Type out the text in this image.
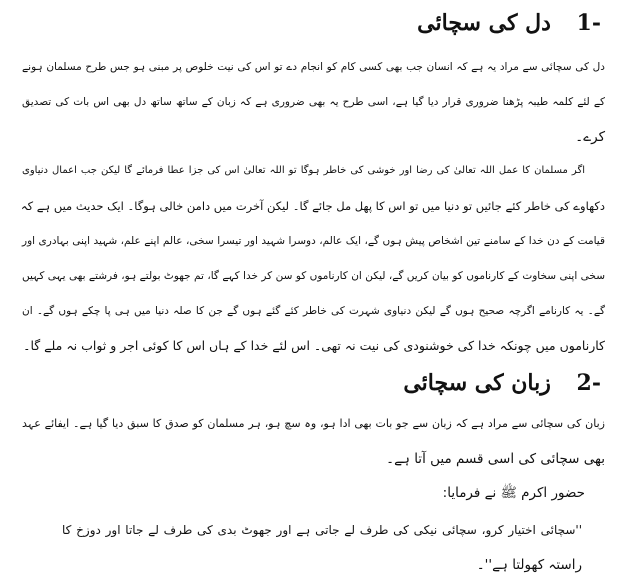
-1 دل کی سچائی
دل کی سچائی سے مراد یہ ہے کہ انسان جب بھی کسی کام کو انجام دے تو اس کی نیت خلوص پر مبنی ہو جس طرح مسلمان ہونے
کے لئے کلمہ طیبہ پڑھنا ضروری قرار دیا گیا ہے، اسی طرح یہ بھی ضروری ہے کہ زبان کے ساتھ ساتھ دل بھی اس بات کی تصدیق
کرے۔
اگر مسلمان کا عمل اللہ تعالیٰ کی رضا اور خوشی کی خاطر ہوگا تو اللہ تعالیٰ اس کی جزا عطا فرمائے گا لیکن جب اعمال دنیاوی
دکھاوے کی خاطر کئے جائیں تو دنیا میں تو اس کا پھل مل جائے گا۔ لیکن آخرت میں دامن خالی ہوگا۔ ایک حدیث میں ہے کہ
قیامت کے دن خدا کے سامنے تین اشخاص پیش ہوں گے، ایک عالم، دوسرا شہید اور تیسرا سخی، عالم اپنے علم، شہید اپنی بہادری اور
سخی اپنی سخاوت کے کارناموں کو بیان کریں گے، لیکن ان کارناموں کو سن کر خدا کہے گا، تم جھوٹ بولتے ہو، فرشتے بھی یہی کہیں
گے۔ یہ کارنامے اگرچہ صحیح ہوں گے لیکن دنیاوی شہرت کی خاطر کئے گئے ہوں گے جن کا صلہ دنیا میں ہی پا چکے ہوں گے۔ ان
کارناموں میں چونکہ خدا کی خوشنودی کی نیت نہ تھی۔ اس لئے خدا کے ہاں اس کا کوئی اجر و ثواب نہ ملے گا۔
-2 زبان کی سچائی
زبان کی سچائی سے مراد ہے کہ زبان سے جو بات بھی ادا ہو، وہ سچ ہو، ہر مسلمان کو صدق کا سبق دیا گیا ہے۔ ایفائے عہد
بھی سچائی کی اسی قسم میں آتا ہے۔
حضور اکرم ﷺ نے فرمایا:
''سچائی اختیار کرو، سچائی نیکی کی طرف لے جاتی ہے اور جھوٹ بدی کی طرف لے جاتا اور دوزخ کا
راستہ کھولتا ہے''۔
